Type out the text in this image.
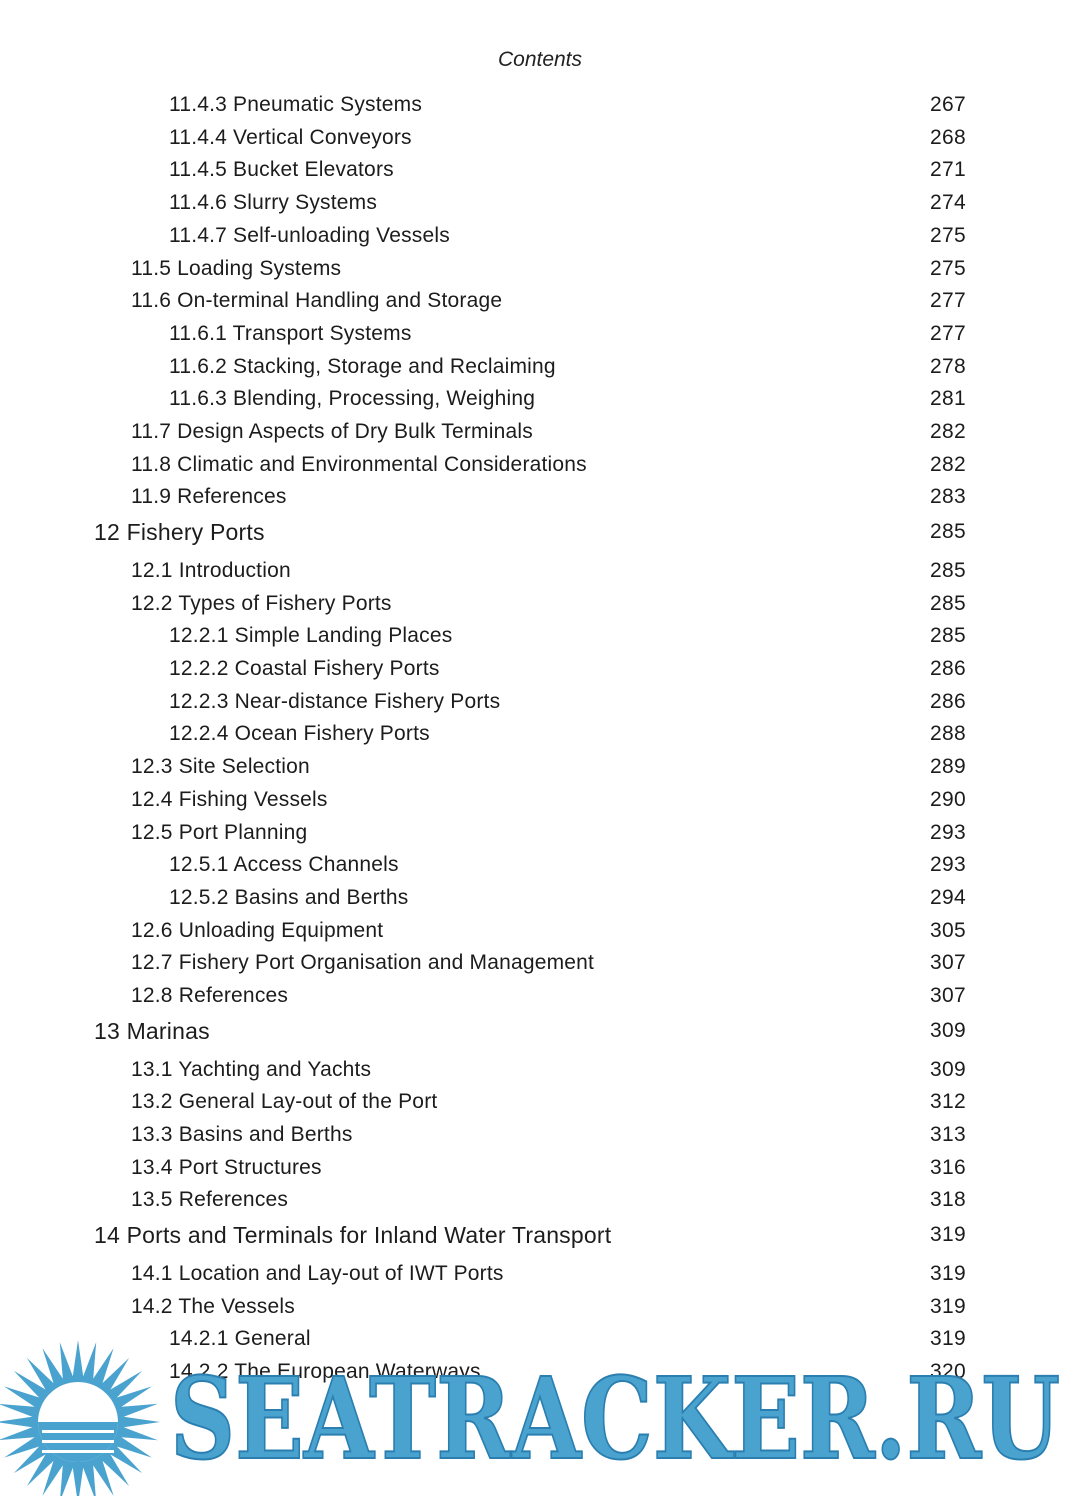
Contents
11.4.3 Pneumatic Systems	267
11.4.4 Vertical Conveyors	268
11.4.5 Bucket Elevators	271
11.4.6 Slurry Systems	274
11.4.7 Self-unloading Vessels	275
11.5 Loading Systems	275
11.6 On-terminal Handling and Storage	277
11.6.1 Transport Systems	277
11.6.2 Stacking, Storage and Reclaiming	278
11.6.3 Blending, Processing, Weighing	281
11.7 Design Aspects of Dry Bulk Terminals	282
11.8 Climatic and Environmental Considerations	282
11.9 References	283
12 Fishery Ports	285
12.1 Introduction	285
12.2 Types of Fishery Ports	285
12.2.1 Simple Landing Places	285
12.2.2 Coastal Fishery Ports	286
12.2.3 Near-distance Fishery Ports	286
12.2.4 Ocean Fishery Ports	288
12.3 Site Selection	289
12.4 Fishing Vessels	290
12.5 Port Planning	293
12.5.1 Access Channels	293
12.5.2 Basins and Berths	294
12.6 Unloading Equipment	305
12.7 Fishery Port Organisation and Management	307
12.8 References	307
13 Marinas	309
13.1 Yachting and Yachts	309
13.2 General Lay-out of the Port	312
13.3 Basins and Berths	313
13.4 Port Structures	316
13.5 References	318
14 Ports and Terminals for Inland Water Transport	319
14.1 Location and Lay-out of IWT Ports	319
14.2 The Vessels	319
14.2.1 General	319
14.2.2 The European Waterways	320
xi
SEATRACKER.RU
